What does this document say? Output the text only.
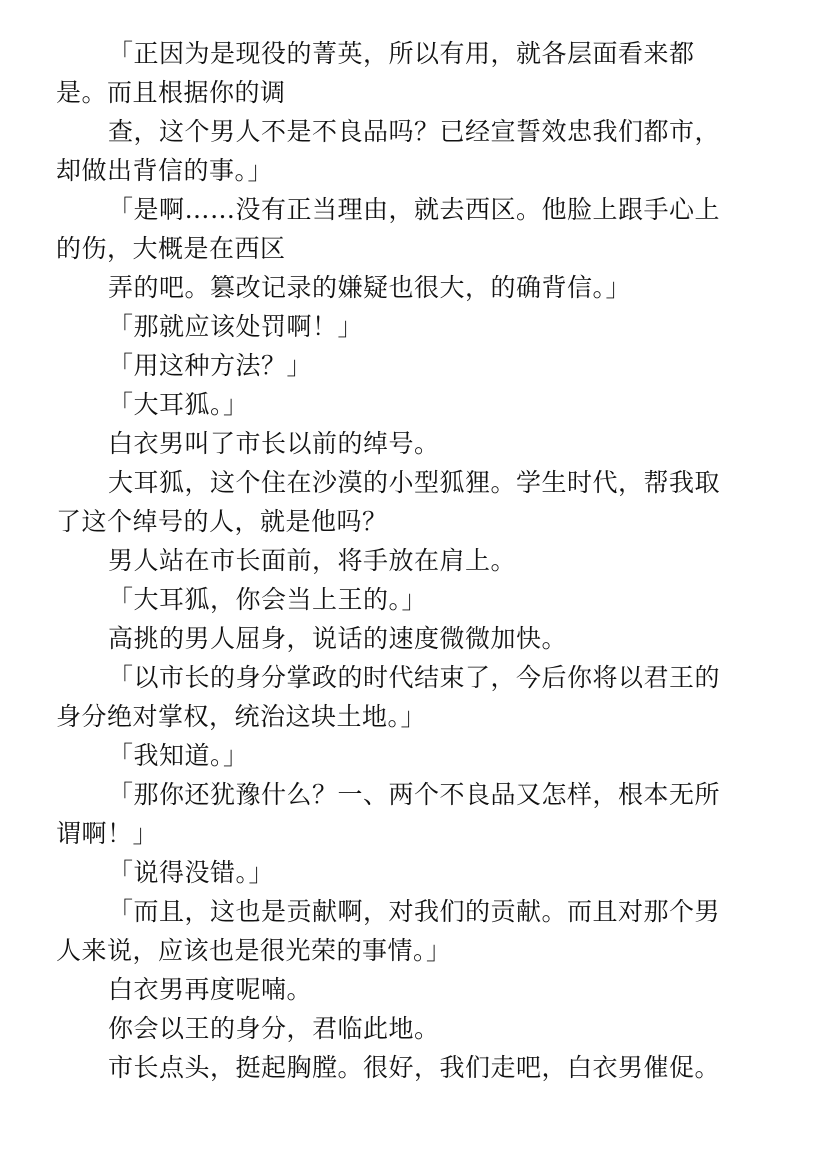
「正因为是现役的菁英，所以有用，就各层面看来都
是。而且根据你的调
查，这个男人不是不良品吗？已经宣誓效忠我们都市，
却做出背信的事。」
「是啊……没有正当理由，就去西区。他脸上跟手心上
的伤，大概是在西区
弄的吧。篡改记录的嫌疑也很大，的确背信。」
「那就应该处罚啊！」
「用这种方法？」
「大耳狐。」
白衣男叫了市长以前的绰号。
大耳狐，这个住在沙漠的小型狐狸。学生时代，帮我取
了这个绰号的人，就是他吗？
男人站在市长面前，将手放在肩上。
「大耳狐，你会当上王的。」
高挑的男人屈身，说话的速度微微加快。
「以市长的身分掌政的时代结束了，今后你将以君王的
身分绝对掌权，统治这块土地。」
「我知道。」
「那你还犹豫什么？一、两个不良品又怎样，根本无所
谓啊！」
「说得没错。」
「而且，这也是贡献啊，对我们的贡献。而且对那个男
人来说，应该也是很光荣的事情。」
白衣男再度呢喃。
你会以王的身分，君临此地。
市长点头，挺起胸膛。很好，我们走吧，白衣男催促。
